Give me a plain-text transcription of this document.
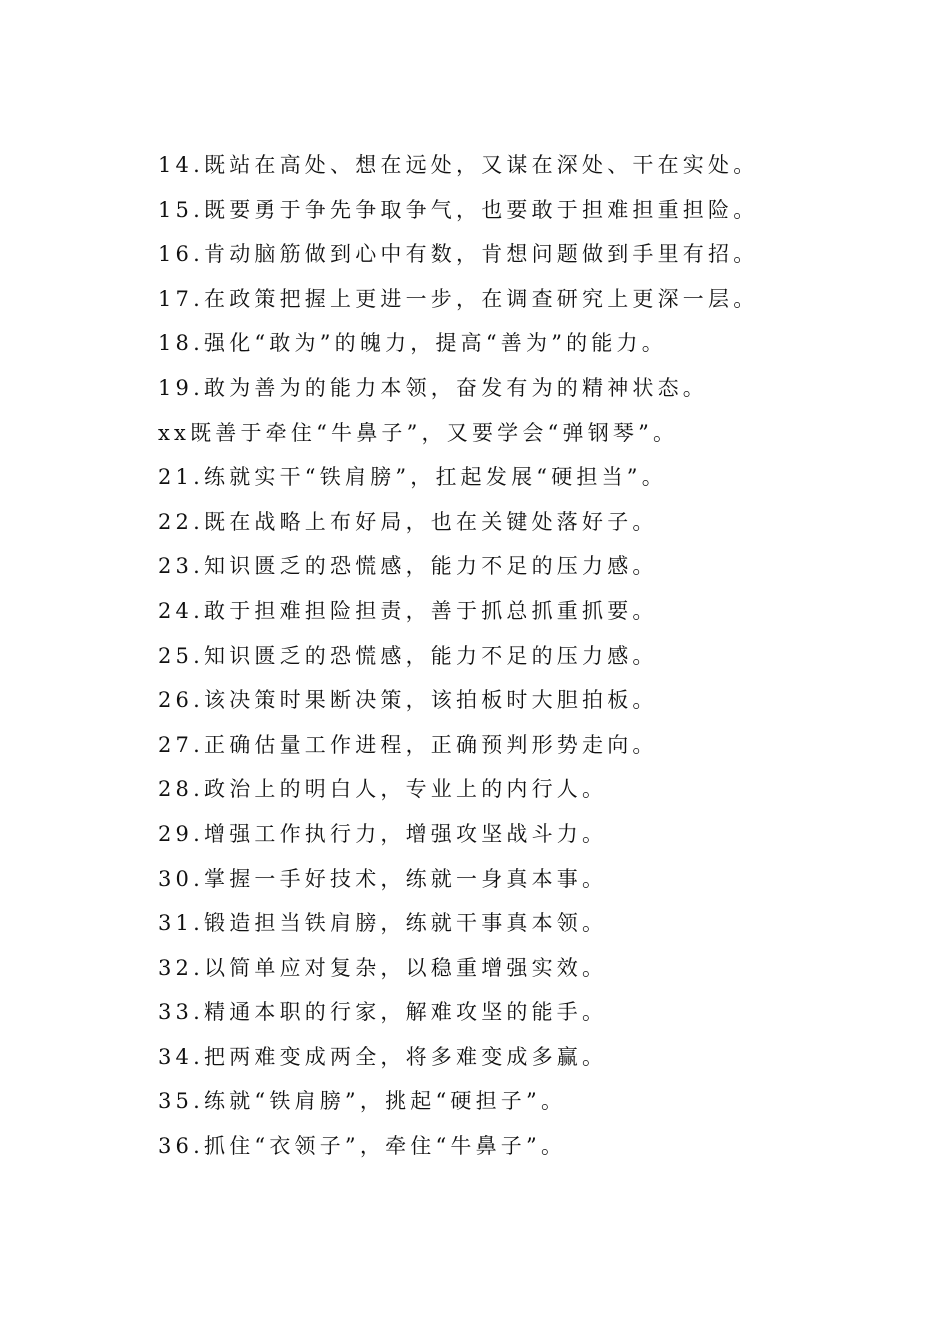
14.既站在高处、想在远处，又谋在深处、干在实处。
15.既要勇于争先争取争气，也要敢于担难担重担险。
16.肯动脑筋做到心中有数，肯想问题做到手里有招。
17.在政策把握上更进一步，在调查研究上更深一层。
18.强化“敢为”的魄力，提高“善为”的能力。
19.敢为善为的能力本领，奋发有为的精神状态。
xx既善于牵住“牛鼻子”，又要学会“弹钢琴”。
21.练就实干“铁肩膀”，扛起发展“硬担当”。
22.既在战略上布好局，也在关键处落好子。
23.知识匮乏的恐慌感，能力不足的压力感。
24.敢于担难担险担责，善于抓总抓重抓要。
25.知识匮乏的恐慌感，能力不足的压力感。
26.该决策时果断决策，该拍板时大胆拍板。
27.正确估量工作进程，正确预判形势走向。
28.政治上的明白人，专业上的内行人。
29.增强工作执行力，增强攻坚战斗力。
30.掌握一手好技术，练就一身真本事。
31.锻造担当铁肩膀，练就干事真本领。
32.以简单应对复杂，以稳重增强实效。
33.精通本职的行家，解难攻坚的能手。
34.把两难变成两全，将多难变成多赢。
35.练就“铁肩膀”，挑起“硬担子”。
36.抓住“衣领子”，牵住“牛鼻子”。
